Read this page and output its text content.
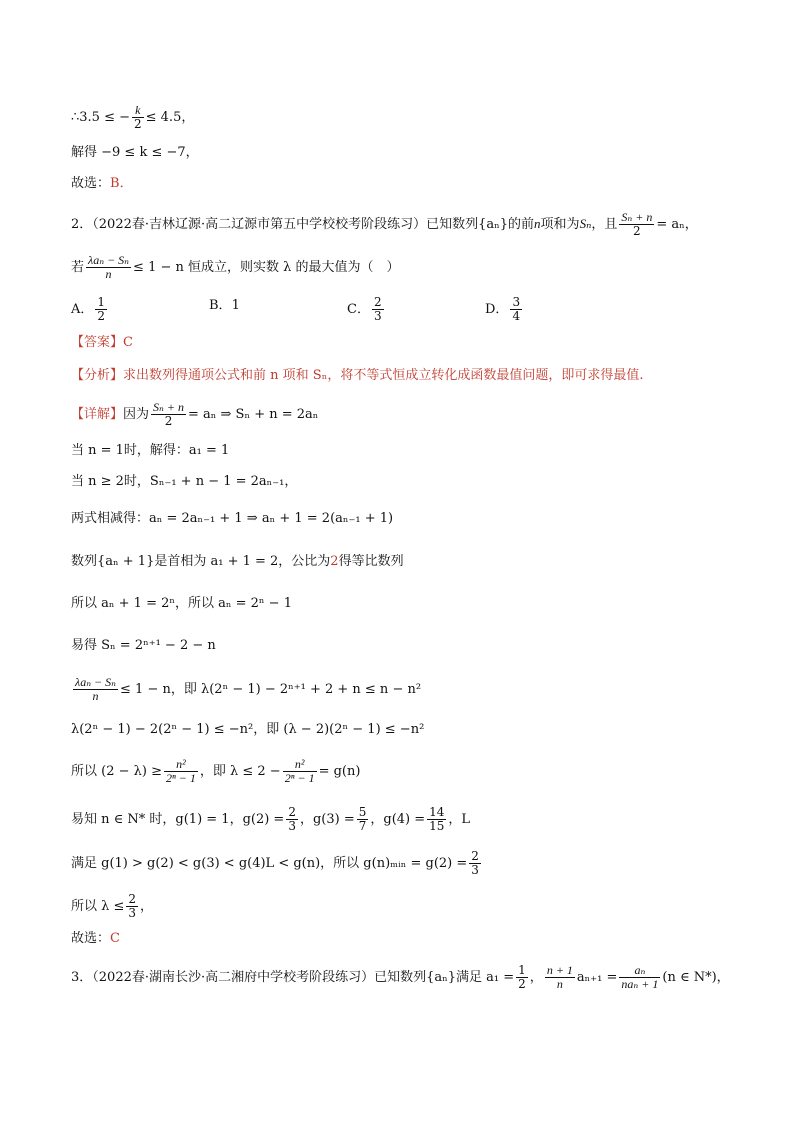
∴3.5 ≤ − $\frac{k}{2} \le 4.5$，
解得 −9 ≤ k ≤ −7，
故选：B．
2．（2022春·吉林辽源·高二辽源市第五中学校校考阶段练习）已知数列{aₙ}的前n项和为Sₙ，且 $\frac{\text{Sₙ + n}}{2} = a_n$，
若 $\frac{\text{λaₙ − Sₙ}}{n} \le 1 - n$ 恒成立，则实数 λ 的最大值为（　）
A． $\frac{1}{2}$	B．1	C． $\frac{2}{3}$	D． $\frac{3}{4}$
【答案】C
【分析】求出数列得通项公式和前 n 项和 Sₙ，将不等式恒成立转化成函数最值问题，即可求得最值.
【详解】因为 $\frac{\text{Sₙ + n}}{2} = a_n$ ⇒ Sₙ + n = 2aₙ
当 n = 1时，解得：a₁ = 1
当 n ≥ 2时，Sₙ₋₁ + n − 1 = 2aₙ₋₁，
两式相减得：aₙ = 2aₙ₋₁ + 1 ⇒ aₙ + 1 = 2(aₙ₋₁ + 1)
数列{aₙ + 1}是首相为 a₁ + 1 = 2，公比为2得等比数列
所以 aₙ + 1 = 2ⁿ，所以 aₙ = 2ⁿ − 1
易得 Sₙ = 2ⁿ⁺¹ − 2 − n
$\frac{\text{λaₙ − Sₙ}}{n} \le 1 - n$，即 λ(2ⁿ − 1) − 2ⁿ⁺¹ + 2 + n ≤ n − n²
λ(2ⁿ − 1) − 2(2ⁿ − 1) ≤ −n²，即 (λ − 2)(2ⁿ − 1) ≤ −n²
所以 $(2 - \lambda) \ge \frac{\text{n²}}{\text{2ⁿ − 1}}$ ，即 $\lambda \le 2 - \frac{\text{n²}}{\text{2ⁿ − 1}} = g(n)$
易知 n ∈ N* 时，g(1) = 1，$g(2) = \frac{2}{3}$ ，$g(3) = \frac{5}{7}$ ，$g(4) = \frac{14}{15}$ ，L
满足 g(1) > g(2) < g(3) < g(4)L < g(n)，所以 g(n)ₘᵢₙ = $g(2) = \frac{2}{3}$
所以 $\lambda \le \frac{2}{3}$ ，
故选：C
3．（2022春·湖南长沙·高二湘府中学校考阶段练习）已知数列{aₙ}满足 $a_1 = \frac{1}{2}$ ， $\frac{n + 1}{n} a_{n+1} = \frac{\text{aₙ}}{\text{naₙ + 1}} (n$ ∈ N*)，
